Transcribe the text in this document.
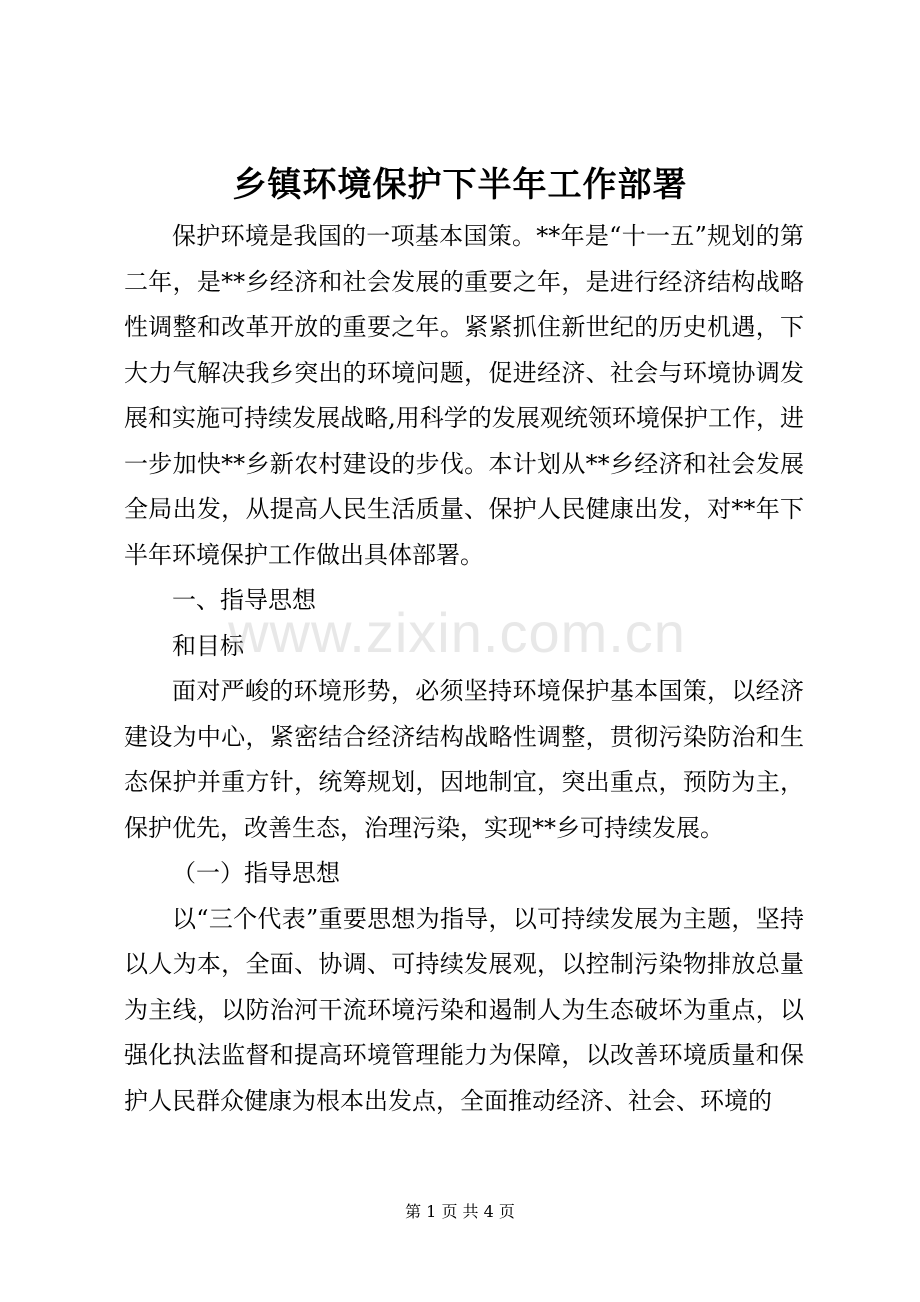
乡镇环境保护下半年工作部署

保护环境是我国的一项基本国策。**年是“十一五”规划的第二年，是**乡经济和社会发展的重要之年，是进行经济结构战略性调整和改革开放的重要之年。紧紧抓住新世纪的历史机遇，下大力气解决我乡突出的环境问题，促进经济、社会与环境协调发展和实施可持续发展战略,用科学的发展观统领环境保护工作，进一步加快**乡新农村建设的步伐。本计划从**乡经济和社会发展全局出发，从提高人民生活质量、保护人民健康出发，对**年下半年环境保护工作做出具体部署。

一、指导思想

和目标

面对严峻的环境形势，必须坚持环境保护基本国策，以经济建设为中心，紧密结合经济结构战略性调整，贯彻污染防治和生态保护并重方针，统筹规划，因地制宜，突出重点，预防为主，保护优先，改善生态，治理污染，实现**乡可持续发展。

（一）指导思想

以“三个代表”重要思想为指导，以可持续发展为主题，坚持以人为本，全面、协调、可持续发展观，以控制污染物排放总量为主线，以防治河干流环境污染和遏制人为生态破坏为重点，以强化执法监督和提高环境管理能力为保障，以改善环境质量和保护人民群众健康为根本出发点，全面推动经济、社会、环境的

www.zixin.com.cn
第 1 页 共 4 页
